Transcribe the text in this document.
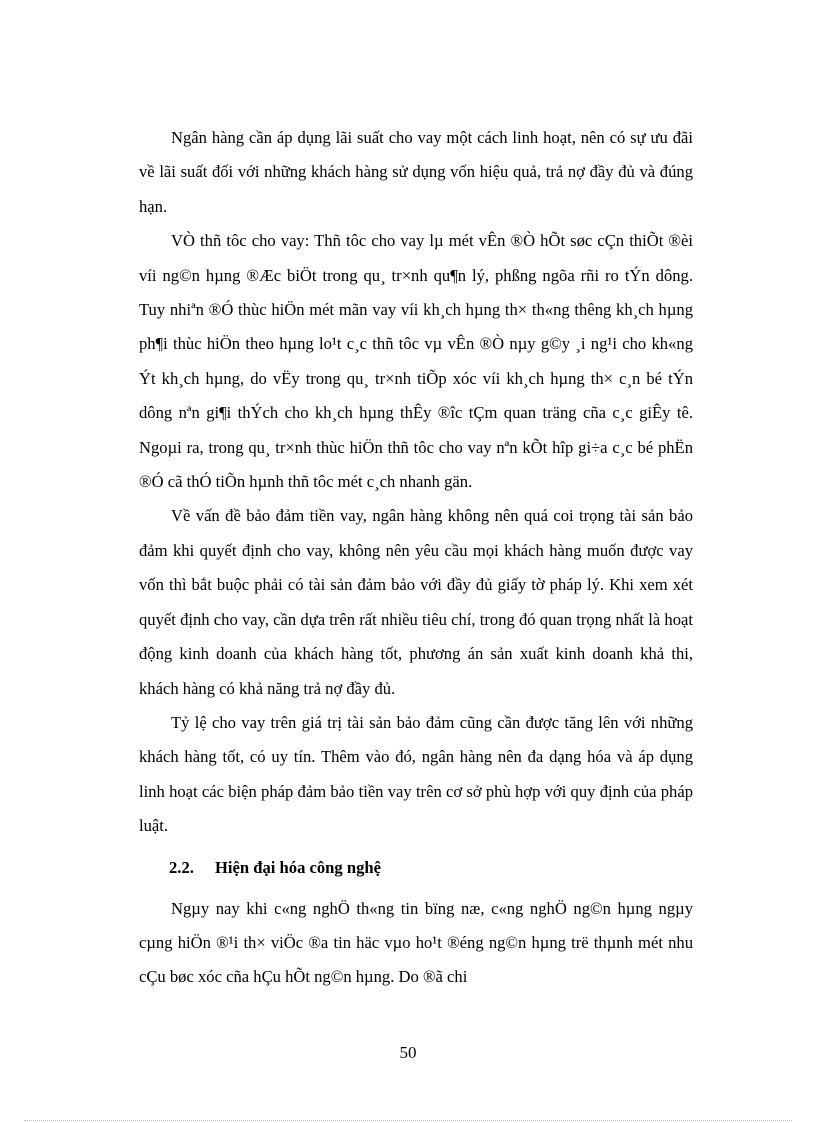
Ngân hàng cần áp dụng lãi suất cho vay một cách linh hoạt, nên có sự ưu đãi về lãi suất đối với những khách hàng sử dụng vốn hiệu quả, trả nợ đầy đủ và đúng hạn.

VÒ thñ tôc cho vay: Thñ tôc cho vay lµ mét vÊn ®Ò hÕt søc cÇn thiÕt ®èi víi ng©n hµng ®Æc biÖt trong qu¸ tr×nh qu¶n lý, phßng ngõa rñi ro tÝn dông. Tuy nhiªn ®Ó thùc hiÖn mét mãn vay víi kh¸ch hµng th× th«ng thêng kh¸ch hµng ph¶i thùc hiÖn theo hµng lo¹t c¸c thñ tôc vµ vÊn ®Ò nµy g©y ¸i ng¹i cho kh«ng Ýt kh¸ch hµng, do vËy trong qu¸ tr×nh tiÕp xóc víi kh¸ch hµng th× c¸n bé tÝn dông nªn gi¶i thÝch cho kh¸ch hµng thÊy ®îc tÇm quan träng cña c¸c giÊy tê. Ngoµi ra, trong qu¸ tr×nh thùc hiÖn thñ tôc cho vay nªn kÕt hîp gi÷a c¸c bé phËn ®Ó cã thÓ tiÕn hµnh thñ tôc mét c¸ch nhanh gän.

Về vấn đề bảo đảm tiền vay, ngân hàng không nên quá coi trọng tài sản bảo đảm khi quyết định cho vay, không nên yêu cầu mọi khách hàng muốn được vay vốn thì bắt buộc phải có tài sản đảm bảo với đầy đủ giấy tờ pháp lý. Khi xem xét quyết định cho vay, cần dựa trên rất nhiều tiêu chí, trong đó quan trọng nhất là hoạt động kinh doanh của khách hàng tốt, phương án sản xuất kinh doanh khả thi, khách hàng có khả năng trả nợ đầy đủ.

Tỷ lệ cho vay trên giá trị tài sản bảo đảm cũng cần được tăng lên với những khách hàng tốt, có uy tín. Thêm vào đó, ngân hàng nên đa dạng hóa và áp dụng linh hoạt các biện pháp đảm bảo tiền vay trên cơ sở phù hợp với quy định của pháp luật.

2.2.	Hiện đại hóa công nghệ

Ngµy nay khi c«ng nghÖ th«ng tin bïng næ, c«ng nghÖ ng©n hµng ngµy cµng hiÖn ®¹i th× viÖc ®a tin häc vµo ho¹t ®éng ng©n hµng trë thµnh mét nhu cÇu bøc xóc cña hÇu hÕt ng©n hµng. Do ®ã chi

50
